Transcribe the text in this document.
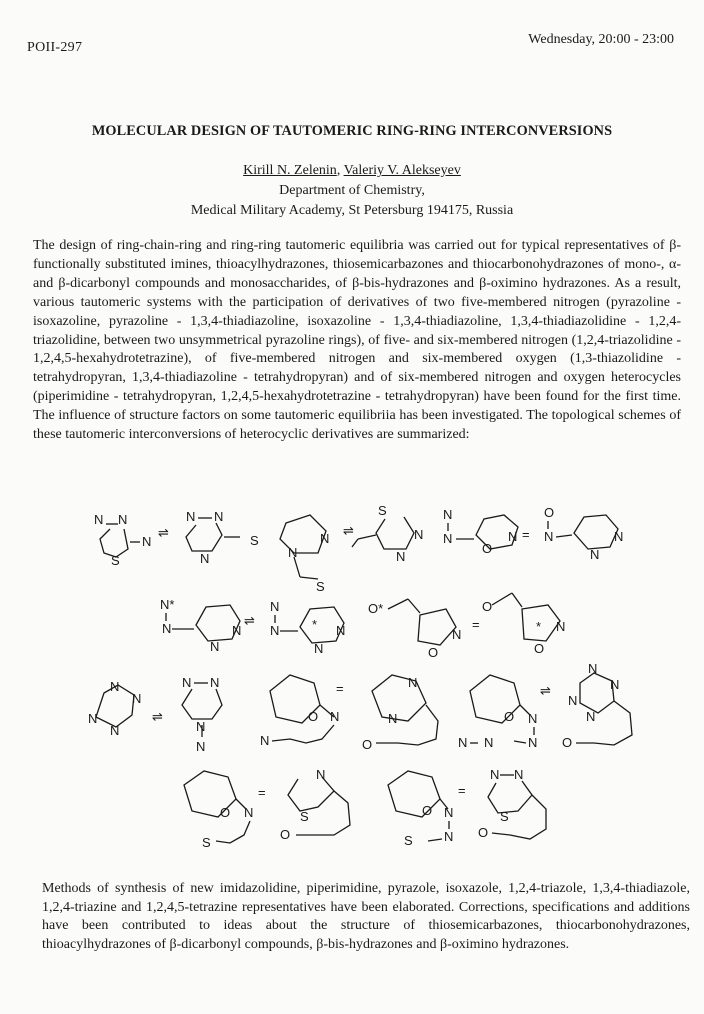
POII-297
Wednesday, 20:00 - 23:00
MOLECULAR DESIGN OF TAUTOMERIC RING-RING INTERCONVERSIONS
Kirill N. Zelenin, Valeriy V. Alekseyev
Department of Chemistry,
Medical Military Academy, St Petersburg 194175, Russia
The design of ring-chain-ring and ring-ring tautomeric equilibria was carried out for typical representatives of β-functionally substituted imines, thioacylhydrazones, thiosemicarbazones and thiocarbonohydrazones of mono-, α- and β-dicarbonyl compounds and monosaccharides, of β-bis-hydrazones and β-oximino hydrazones. As a result, various tautomeric systems with the participation of derivatives of two five-membered nitrogen (pyrazoline - isoxazoline, pyrazoline - 1,3,4-thiadiazoline, isoxazoline - 1,3,4-thiadiazoline, 1,3,4-thiadiazolidine - 1,2,4-triazolidine, between two unsymmetrical pyrazoline rings), of five- and six-membered nitrogen (1,2,4-triazolidine - 1,2,4,5-hexahydrotetrazine), of five-membered nitrogen and six-membered oxygen (1,3-thiazolidine - tetrahydropyran, 1,3,4-thiadiazoline - tetrahydropyran) and of six-membered nitrogen and oxygen heterocycles (piperimidine - tetrahydropyran, 1,2,4,5-hexahydrotetrazine - tetrahydropyran) have been found for the first time. The influence of structure factors on some tautomeric equilibriia has been investigated. The topological schemes of these tautomeric interconversions of heterocyclic derivatives are summarized:
N N
S
N
⇌
N N
N
S	N
N
S
⇌
S
N
N
N
N
O
N =
O
N
N
N
N*
N
N
N
⇌
N
N	*
N
N
O*
O
N
=
O
*
O
N
N
N
N
N
⇌
N N
N
N
O N
N
=	N
N
O
O N
N
N
N
⇌
N
N
N
N
O
O N
S
=
N
S
O
O N
N
S
=
N N
S
O
Methods of synthesis of new imidazolidine, piperimidine, pyrazole, isoxazole, 1,2,4-triazole, 1,3,4-thiadiazole, 1,2,4-triazine and 1,2,4,5-tetrazine representatives have been elaborated. Corrections, specifications and additions have been contributed to ideas about the structure of thiosemicarbazones, thiocarbonohydrazones, thioacylhydrazones of β-dicarbonyl compounds, β-bis-hydrazones and β-oximino hydrazones.
